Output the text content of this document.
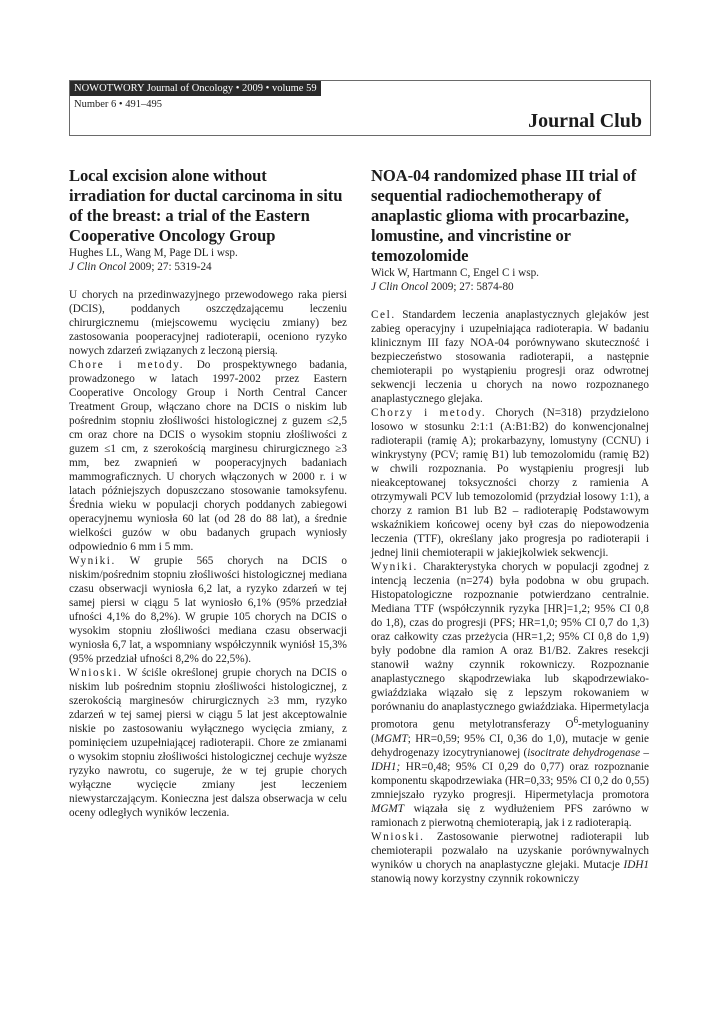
NOWOTWORY Journal of Oncology • 2009 • volume 59
Number 6 • 491–495
Journal Club
Local excision alone without irradiation for ductal carcinoma in situ of the breast: a trial of the Eastern Cooperative Oncology Group
Hughes LL, Wang M, Page DL i wsp.
J Clin Oncol 2009; 27: 5319-24

U chorych na przedinwazyjnego przewodowego raka piersi (DCIS), poddanych oszczędzającemu leczeniu chirurgicznemu (miejscowemu wycięciu zmiany) bez zastosowania pooperacyjnej radioterapii, oceniono ryzyko nowych zdarzeń związanych z leczoną piersią.

Chore i metody. Do prospektywnego badania, prowadzonego w latach 1997-2002 przez Eastern Cooperative Oncology Group i North Central Cancer Treatment Group, włączano chore na DCIS o niskim lub pośrednim stopniu złośliwości histologicznej z guzem ≤2,5 cm oraz chore na DCIS o wysokim stopniu złośliwości z guzem ≤1 cm, z szerokością marginesu chirurgicznego ≥3 mm, bez zwapnień w pooperacyjnych badaniach mammograficznych. U chorych włączonych w 2000 r. i w latach późniejszych dopuszczano stosowanie tamoksyfenu. Średnia wieku w populacji chorych poddanych zabiegowi operacyjnemu wyniosła 60 lat (od 28 do 88 lat), a średnie wielkości guzów w obu badanych grupach wyniosły odpowiednio 6 mm i 5 mm.

Wyniki. W grupie 565 chorych na DCIS o niskim/pośrednim stopniu złośliwości histologicznej mediana czasu obserwacji wyniosła 6,2 lat, a ryzyko zdarzeń w tej samej piersi w ciągu 5 lat wyniosło 6,1% (95% przedział ufności 4,1% do 8,2%). W grupie 105 chorych na DCIS o wysokim stopniu złośliwości mediana czasu obserwacji wyniosła 6,7 lat, a wspomniany współczynnik wyniósł 15,3% (95% przedział ufności 8,2% do 22,5%).

Wnioski. W ściśle określonej grupie chorych na DCIS o niskim lub pośrednim stopniu złośliwości histologicznej, z szerokością marginesów chirurgicznych ≥3 mm, ryzyko zdarzeń w tej samej piersi w ciągu 5 lat jest akceptowalnie niskie po zastosowaniu wyłącznego wycięcia zmiany, z pominięciem uzupełniającej radioterapii. Chore ze zmianami o wysokim stopniu złośliwości histologicznej cechuje wyższe ryzyko nawrotu, co sugeruje, że w tej grupie chorych wyłączne wycięcie zmiany jest leczeniem niewystarczającym. Konieczna jest dalsza obserwacja w celu oceny odległych wyników leczenia.

NOA-04 randomized phase III trial of sequential radiochemotherapy of anaplastic glioma with procarbazine, lomustine, and vincristine or temozolomide
Wick W, Hartmann C, Engel C i wsp.
J Clin Oncol 2009; 27: 5874-80

Cel. Standardem leczenia anaplastycznych glejaków jest zabieg operacyjny i uzupełniająca radioterapia. W badaniu klinicznym III fazy NOA-04 porównywano skuteczność i bezpieczeństwo stosowania radioterapii, a następnie chemioterapii po wystąpieniu progresji oraz odwrotnej sekwencji leczenia u chorych na nowo rozpoznanego anaplastycznego glejaka.

Chorzy i metody. Chorych (N=318) przydzielono losowo w stosunku 2:1:1 (A:B1:B2) do konwencjonalnej radioterapii (ramię A); prokarbazyny, lomustyny (CCNU) i winkrystyny (PCV; ramię B1) lub temozolomidu (ramię B2) w chwili rozpoznania. Po wystąpieniu progresji lub nieakceptowanej toksyczności chorzy z ramienia A otrzymywali PCV lub temozolomid (przydział losowy 1:1), a chorzy z ramion B1 lub B2 – radioterapię Podstawowym wskaźnikiem końcowej oceny był czas do niepowodzenia leczenia (TTF), określany jako progresja po radioterapii i jednej linii chemioterapii w jakiejkolwiek sekwencji.

Wyniki. Charakterystyka chorych w populacji zgodnej z intencją leczenia (n=274) była podobna w obu grupach. Histopatologiczne rozpoznanie potwierdzano centralnie. Mediana TTF (współczynnik ryzyka [HR]=1,2; 95% CI 0,8 do 1,8), czas do progresji (PFS; HR=1,0; 95% CI 0,7 do 1,3) oraz całkowity czas przeżycia (HR=1,2; 95% CI 0,8 do 1,9) były podobne dla ramion A oraz B1/B2. Zakres resekcji stanowił ważny czynnik rokowniczy. Rozpoznanie anaplastycznego skąpodrzewiaka lub skąpodrzewiako-gwiaździaka wiązało się z lepszym rokowaniem w porównaniu do anaplastycznego gwiaździaka. Hipermetylacja promotora genu metylotransferazy $O^6$-metyloguaniny (MGMT; HR=0,59; 95% CI, 0,36 do 1,0), mutacje w genie dehydrogenazy izocytrynianowej (isocitrate dehydrogenase – IDH1; HR=0,48; 95% CI 0,29 do 0,77) oraz rozpoznanie komponentu skąpodrzewiaka (HR=0,33; 95% CI 0,2 do 0,55) zmniejszało ryzyko progresji. Hipermetylacja promotora MGMT wiązała się z wydłużeniem PFS zarówno w ramionach z pierwotną chemioterapią, jak i z radioterapią.

Wnioski. Zastosowanie pierwotnej radioterapii lub chemioterapii pozwalało na uzyskanie porównywalnych wyników u chorych na anaplastyczne glejaki. Mutacje IDH1 stanowią nowy korzystny czynnik rokowniczy
